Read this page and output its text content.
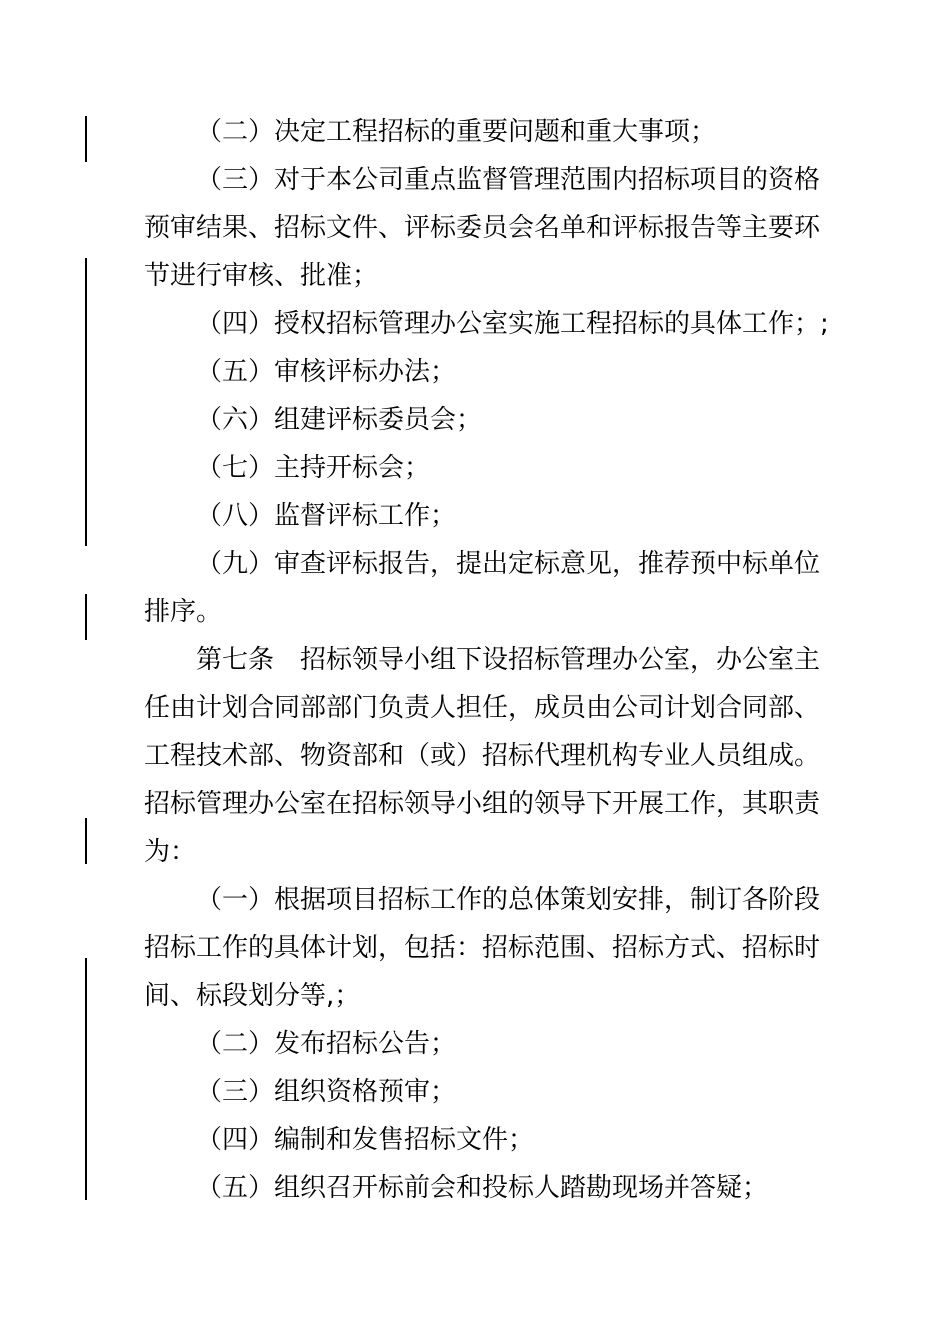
（二）决定工程招标的重要问题和重大事项；
（三）对于本公司重点监督管理范围内招标项目的资格
预审结果、招标文件、评标委员会名单和评标报告等主要环
节进行审核、批准；
（四）授权招标管理办公室实施工程招标的具体工作；;
（五）审核评标办法；
（六）组建评标委员会；
（七）主持开标会；
（八）监督评标工作；
（九）审查评标报告，提出定标意见，推荐预中标单位
排序。
第七条　招标领导小组下设招标管理办公室，办公室主
任由计划合同部部门负责人担任，成员由公司计划合同部、
工程技术部、物资部和（或）招标代理机构专业人员组成。
招标管理办公室在招标领导小组的领导下开展工作，其职责
为：
（一）根据项目招标工作的总体策划安排，制订各阶段
招标工作的具体计划，包括：招标范围、招标方式、招标时
间、标段划分等,；
（二）发布招标公告；
（三）组织资格预审；
（四）编制和发售招标文件；
（五）组织召开标前会和投标人踏勘现场并答疑；
